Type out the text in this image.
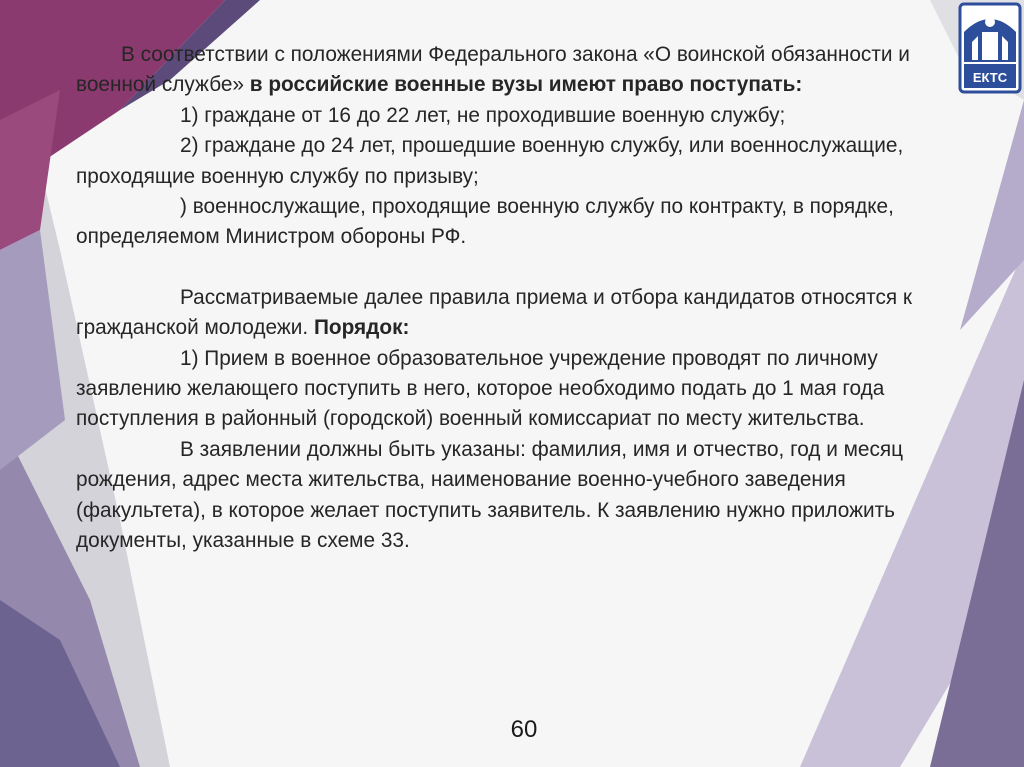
В соответствии с положениями Федерального закона «О воинской обязанности и военной службе» в российские военные вузы имеют право поступать:

1) граждане от 16 до 22 лет, не проходившие военную службу;

2) граждане до 24 лет, прошедшие военную службу, или военнослужащие, проходящие военную службу по призыву;

) военнослужащие, проходящие военную службу по контракту, в порядке, определяемом Министром обороны РФ.

Рассматриваемые далее правила приема и отбора кандидатов относятся к гражданской молодежи. Порядок:

1) Прием в военное образовательное учреждение проводят по личному заявлению желающего поступить в него, которое необходимо подать до 1 мая года поступления в районный (городской) военный комиссариат по месту жительства.

В заявлении должны быть указаны: фамилия, имя и отчество, год и месяц рождения, адрес места жительства, наименование военно-учебного заведения (факультета), в которое желает поступить заявитель. К заявлению нужно приложить документы, указанные в схеме 33.

60
ЕКТС
